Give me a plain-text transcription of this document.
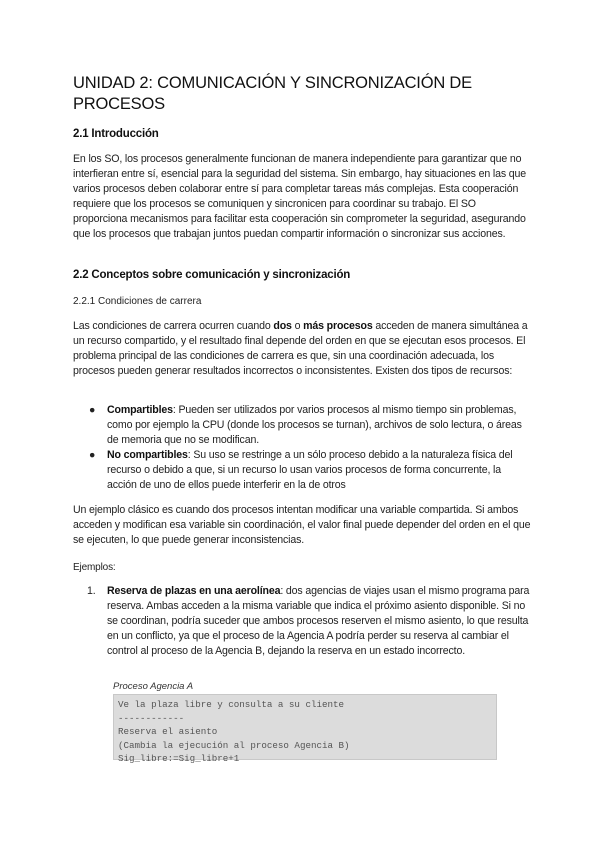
UNIDAD 2: COMUNICACIÓN Y SINCRONIZACIÓN DE PROCESOS
2.1 Introducción

En los SO, los procesos generalmente funcionan de manera independiente para garantizar que no interfieran entre sí, esencial para la seguridad del sistema. Sin embargo, hay situaciones en las que varios procesos deben colaborar entre sí para completar tareas más complejas. Esta cooperación requiere que los procesos se comuniquen y sincronicen para coordinar su trabajo. El SO proporciona mecanismos para facilitar esta cooperación sin comprometer la seguridad, asegurando que los procesos que trabajan juntos puedan compartir información o sincronizar sus acciones.

2.2 Conceptos sobre comunicación y sincronización
2.2.1 Condiciones de carrera

Las condiciones de carrera ocurren cuando dos o más procesos acceden de manera simultánea a un recurso compartido, y el resultado final depende del orden en que se ejecutan esos procesos. El problema principal de las condiciones de carrera es que, sin una coordinación adecuada, los procesos pueden generar resultados incorrectos o inconsistentes. Existen dos tipos de recursos:

● Compartibles: Pueden ser utilizados por varios procesos al mismo tiempo sin problemas, como por ejemplo la CPU (donde los procesos se turnan), archivos de solo lectura, o áreas de memoria que no se modifican.
● No compartibles: Su uso se restringe a un sólo proceso debido a la naturaleza física del recurso o debido a que, si un recurso lo usan varios procesos de forma concurrente, la acción de uno de ellos puede interferir en la de otros

Un ejemplo clásico es cuando dos procesos intentan modificar una variable compartida. Si ambos acceden y modifican esa variable sin coordinación, el valor final puede depender del orden en el que se ejecuten, lo que puede generar inconsistencias.

Ejemplos:

1. Reserva de plazas en una aerolínea: dos agencias de viajes usan el mismo programa para reserva. Ambas acceden a la misma variable que indica el próximo asiento disponible. Si no se coordinan, podría suceder que ambos procesos reserven el mismo asiento, lo que resulta en un conflicto, ya que el proceso de la Agencia A podría perder su reserva al cambiar el control al proceso de la Agencia B, dejando la reserva en un estado incorrecto.
Proceso Agencia A
Ve la plaza libre y consulta a su cliente
------------
Reserva el asiento
(Cambia la ejecución al proceso Agencia B)
Sig_libre:=Sig_libre+1
